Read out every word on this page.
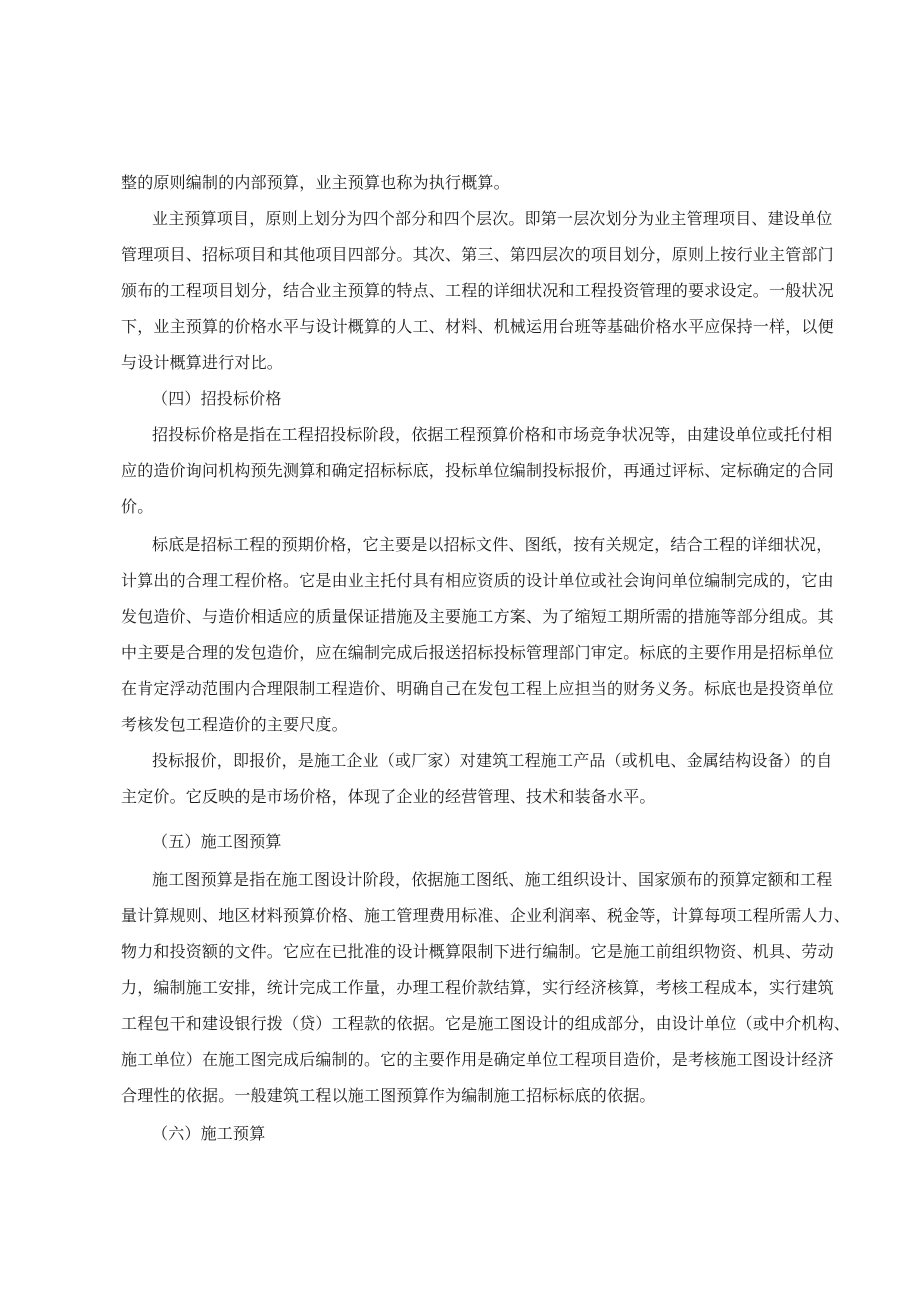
整的原则编制的内部预算，业主预算也称为执行概算。
业主预算项目，原则上划分为四个部分和四个层次。即第一层次划分为业主管理项目、建设单位
管理项目、招标项目和其他项目四部分。其次、第三、第四层次的项目划分，原则上按行业主管部门
颁布的工程项目划分，结合业主预算的特点、工程的详细状况和工程投资管理的要求设定。一般状况
下，业主预算的价格水平与设计概算的人工、材料、机械运用台班等基础价格水平应保持一样，以便
与设计概算进行对比。
（四）招投标价格
招投标价格是指在工程招投标阶段，依据工程预算价格和市场竞争状况等，由建设单位或托付相
应的造价询问机构预先测算和确定招标标底，投标单位编制投标报价，再通过评标、定标确定的合同
价。
标底是招标工程的预期价格，它主要是以招标文件、图纸，按有关规定，结合工程的详细状况，
计算出的合理工程价格。它是由业主托付具有相应资质的设计单位或社会询问单位编制完成的，它由
发包造价、与造价相适应的质量保证措施及主要施工方案、为了缩短工期所需的措施等部分组成。其
中主要是合理的发包造价，应在编制完成后报送招标投标管理部门审定。标底的主要作用是招标单位
在肯定浮动范围内合理限制工程造价、明确自己在发包工程上应担当的财务义务。标底也是投资单位
考核发包工程造价的主要尺度。
投标报价，即报价，是施工企业（或厂家）对建筑工程施工产品（或机电、金属结构设备）的自
主定价。它反映的是市场价格，体现了企业的经营管理、技术和装备水平。
（五）施工图预算
施工图预算是指在施工图设计阶段，依据施工图纸、施工组织设计、国家颁布的预算定额和工程
量计算规则、地区材料预算价格、施工管理费用标准、企业利润率、税金等，计算每项工程所需人力、
物力和投资额的文件。它应在已批准的设计概算限制下进行编制。它是施工前组织物资、机具、劳动
力，编制施工安排，统计完成工作量，办理工程价款结算，实行经济核算，考核工程成本，实行建筑
工程包干和建设银行拨（贷）工程款的依据。它是施工图设计的组成部分，由设计单位（或中介机构、
施工单位）在施工图完成后编制的。它的主要作用是确定单位工程项目造价，是考核施工图设计经济
合理性的依据。一般建筑工程以施工图预算作为编制施工招标标底的依据。
（六）施工预算
